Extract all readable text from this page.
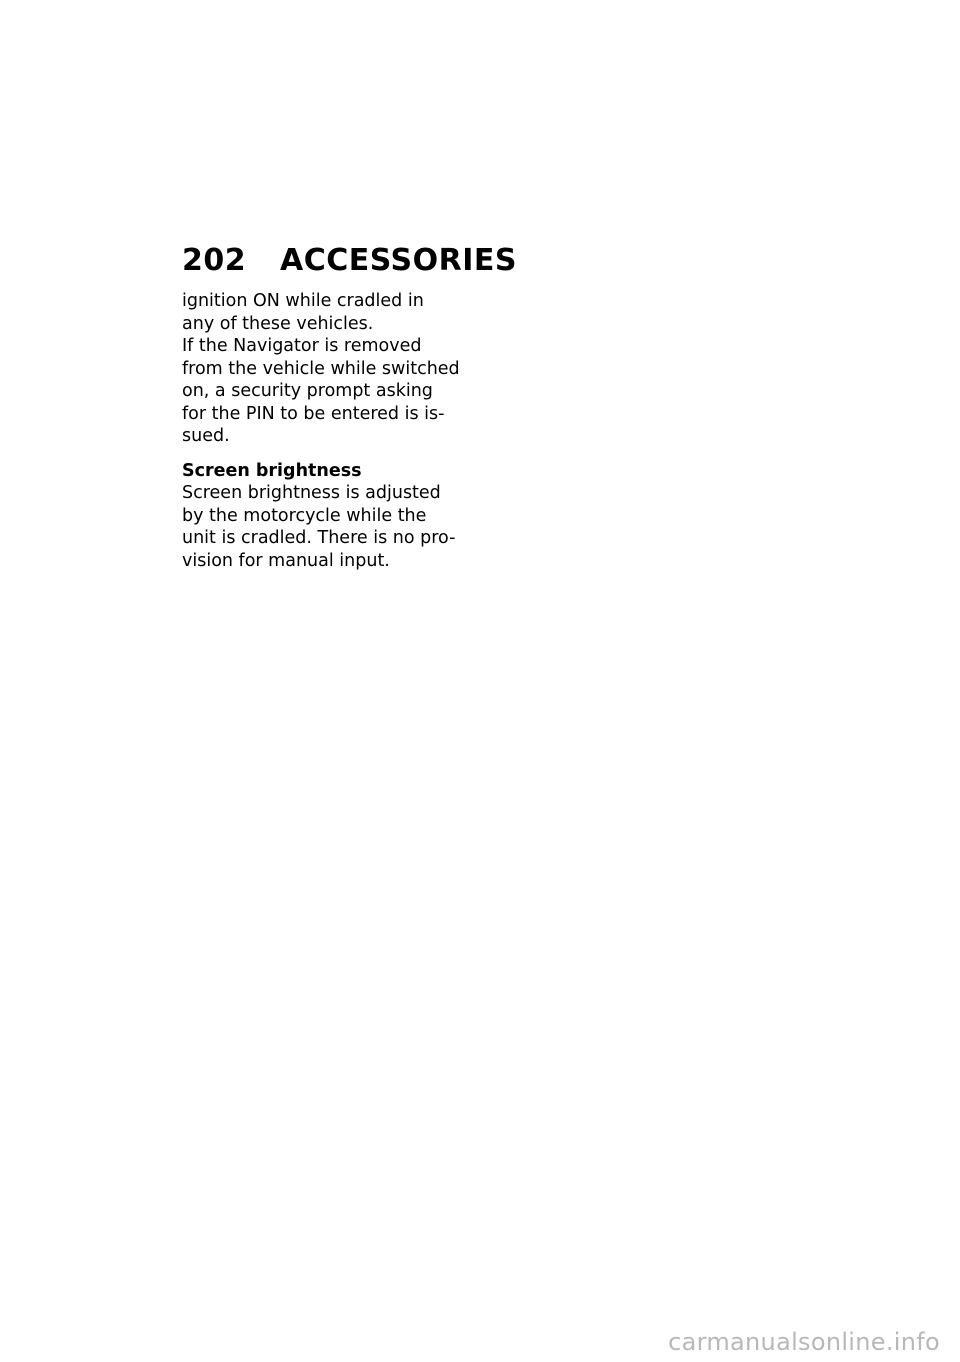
202	ACCESSORIES
ignition ON while cradled in
any of these vehicles.
If the Navigator is removed
from the vehicle while switched
on, a security prompt asking
for the PIN to be entered is is-
sued.
Screen brightness
Screen brightness is adjusted
by the motorcycle while the
unit is cradled. There is no pro-
vision for manual input.
carmanualsonline.info
